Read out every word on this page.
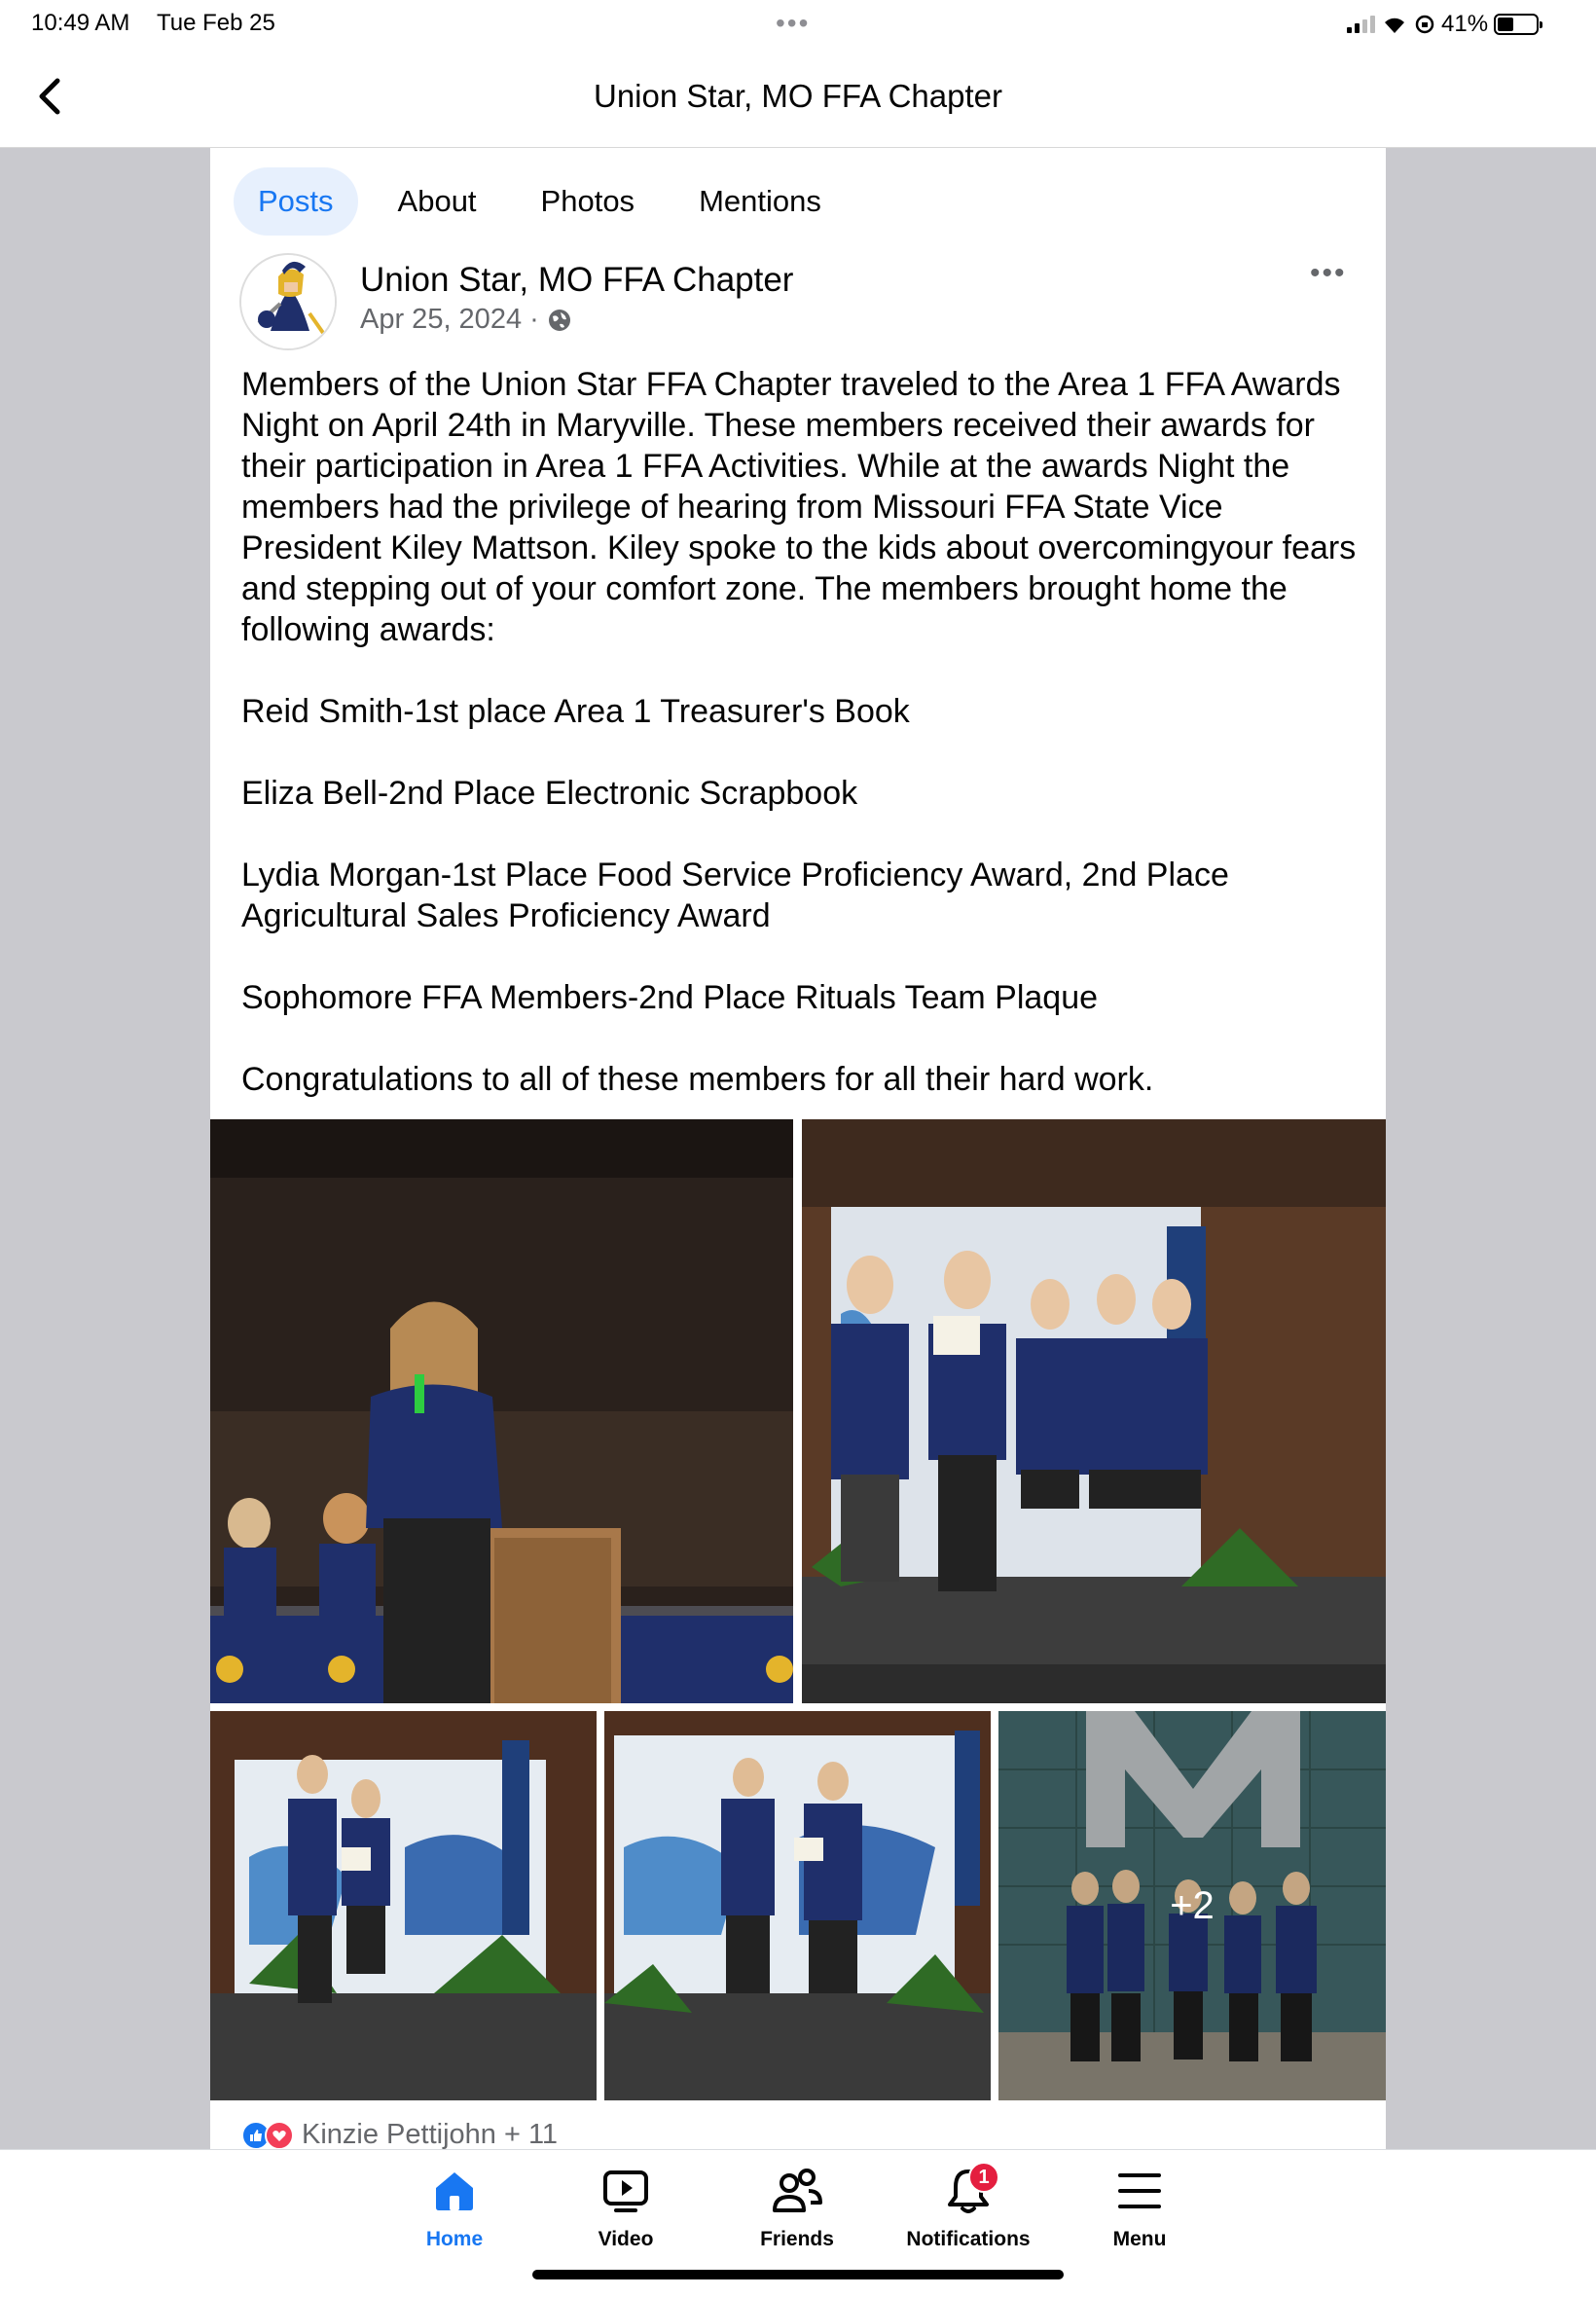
10:49 AM Tue Feb 25	•••	41%
Union Star, MO FFA Chapter
Posts	About	Photos	Mentions
Union Star, MO FFA Chapter
Apr 25, 2024 ·
•••

Members of the Union Star FFA Chapter traveled to the Area 1 FFA Awards Night on April 24th in Maryville. These members received their awards for their participation in Area 1 FFA Activities. While at the awards Night the members had the privilege of hearing from Missouri FFA State Vice President Kiley Mattson. Kiley spoke to the kids about overcomingyour fears and stepping out of your comfort zone. The members brought home the following awards:

Reid Smith-1st place Area 1 Treasurer's Book

Eliza Bell-2nd Place Electronic Scrapbook

Lydia Morgan-1st Place Food Service Proficiency Award, 2nd Place Agricultural Sales Proficiency Award

Sophomore FFA Members-2nd Place Rituals Team Plaque

Congratulations to all of these members for all their hard work.

+2
Kinzie Pettijohn + 11
Home	Video	Friends
1
Notifications	Menu
